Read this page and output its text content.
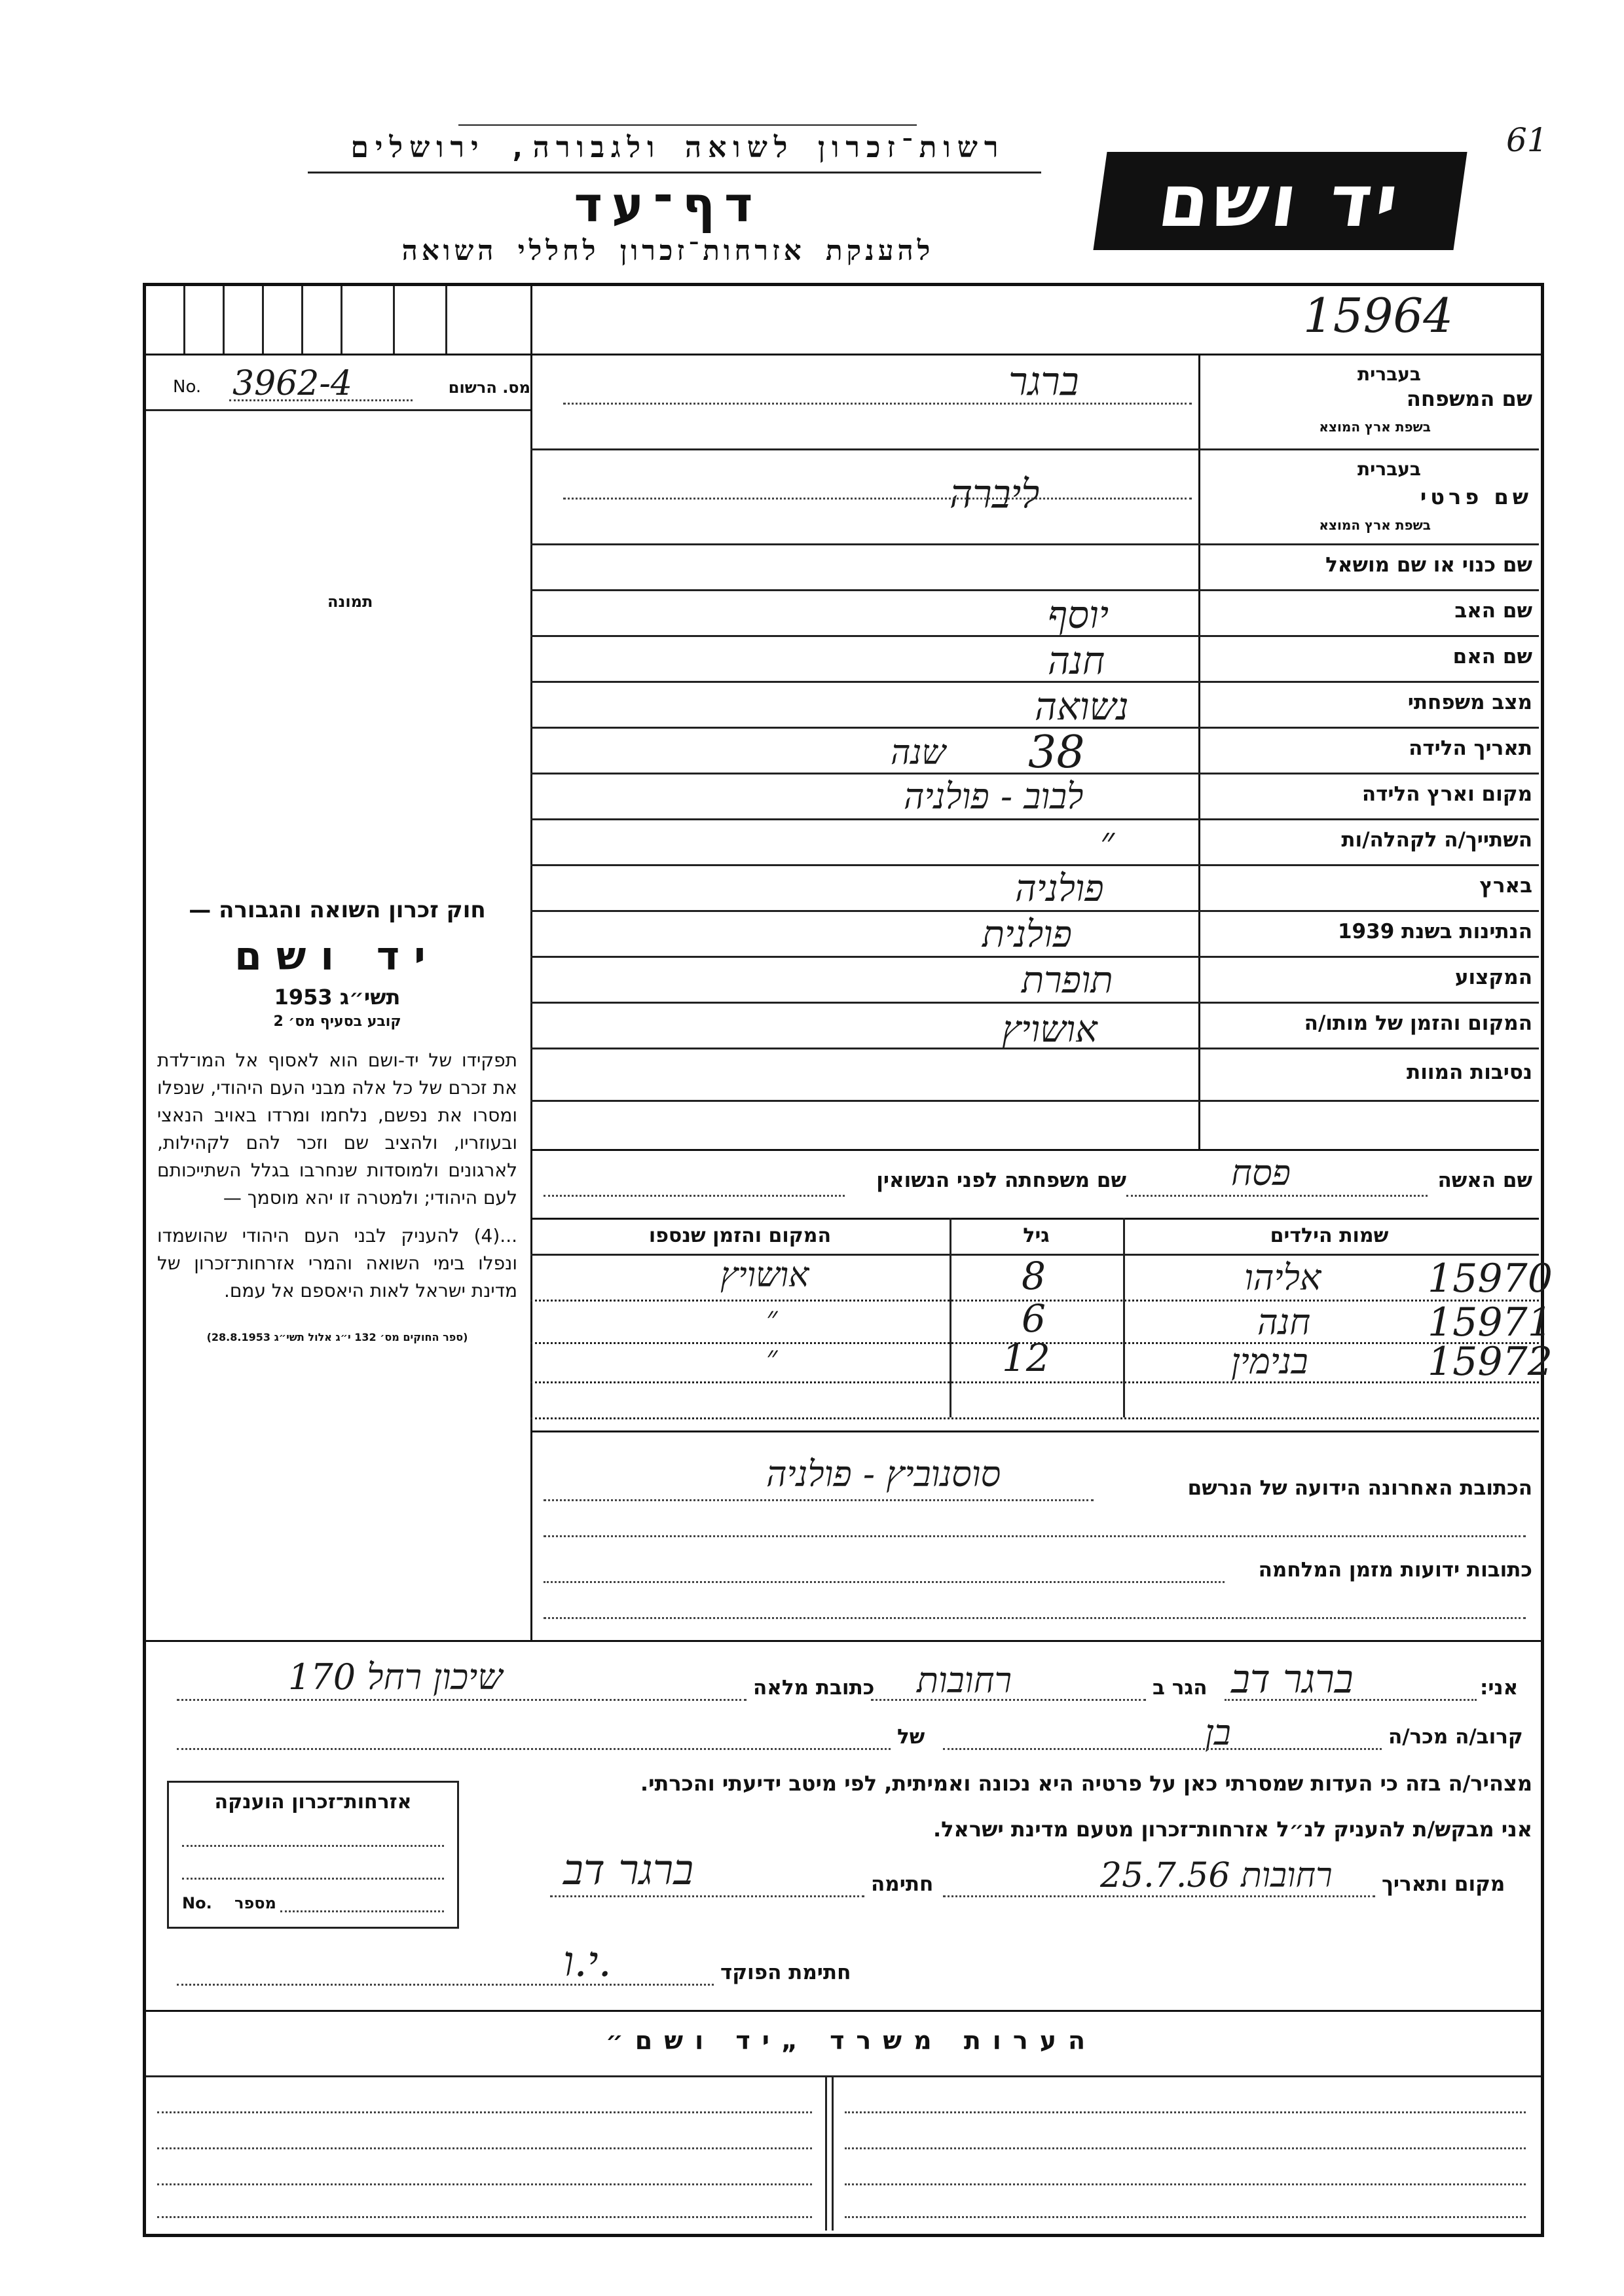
רשות־זכרון לשואה ולגבורה, ירושלים
דף־עד
להענקת אזרחות־זכרון לחללי השואה
יד ושם
61
15964
No. 3962-4	מס. הרשום
תמונה
חוק זכרון השואה והגבורה —
יד ושם
תשי״ג 1953
קובע בסעיף מס׳ 2
תפקידו של יד-ושם הוא לאסוף אל המו־לדת את זכרם של כל אלה מבני העם היהודי, שנפלו ומסרו את נפשם, נלחמו ומרדו באויב הנאצי ובעוזריו, ולהציב שם וזכר להם לקהילות, לארגונים ולמוסדות שנחרבו בגלל השתייכותם לעם היהודי; ולמטרה זו יהא מוסמך —
...(4) להעניק לבני העם היהודי שהושמדו ונפלו בימי השואה והמרי אזרחות־זכרון של מדינת ישראל לאות היאספם אל עמם.
(ספר החוקים מס׳ 132 י״ג אלול תשי״ג 28.8.1953)
שם המשפחה
בעברית
בשפת ארץ המוצא
ברגר
בעברית
שם פרטי
בשפת ארץ המוצא
ליברה
שם כנוי או שם מושאל
שם האב
יוסף
שם האם
חנה
מצב משפחתי
נשואה
תאריך הלידה
38
שנה
מקום וארץ הלידה
לבוב - פולניה
השתייך/ה לקהלה/ות
״
בארץ
פולניה
הנתינות בשנת 1939
פולנית
המקצוע
תופרת
המקום והזמן של מותו/ה
אושויץ
נסיבות המוות
שם האשה
פסח
שם משפחתה לפני הנשואין
שמות הילדים
גיל
המקום והזמן שנספו
15970
אליהו
8
אושויץ
15971
חנה
6
״
15972
בנימין
12
״
הכתובת האחרונה הידועה של הנרשם
סוסנוביץ - פולניה
כתובות ידועות מזמן המלחמה
אני:
ברגר דב
הגר ב
רחובות
כתובת מלאה
שיכון רחל 170
קרוב/ה מכר/ה
בן
של
מצהיר/ה בזה כי העדות שמסרתי כאן על פרטיה היא נכונה ואמיתית, לפי מיטב ידיעתי והכרתי.
אני מבקש/ת להעניק לנ״ל אזרחות־זכרון מטעם מדינת ישראל.
מקום ותאריך
רחובות 25.7.56
חתימה
ברגר דב
חתימת הפוקד
י.ו.
אזרחות־זכרון הוענקה
No. מספר
הערות משרד „יד ושם״
